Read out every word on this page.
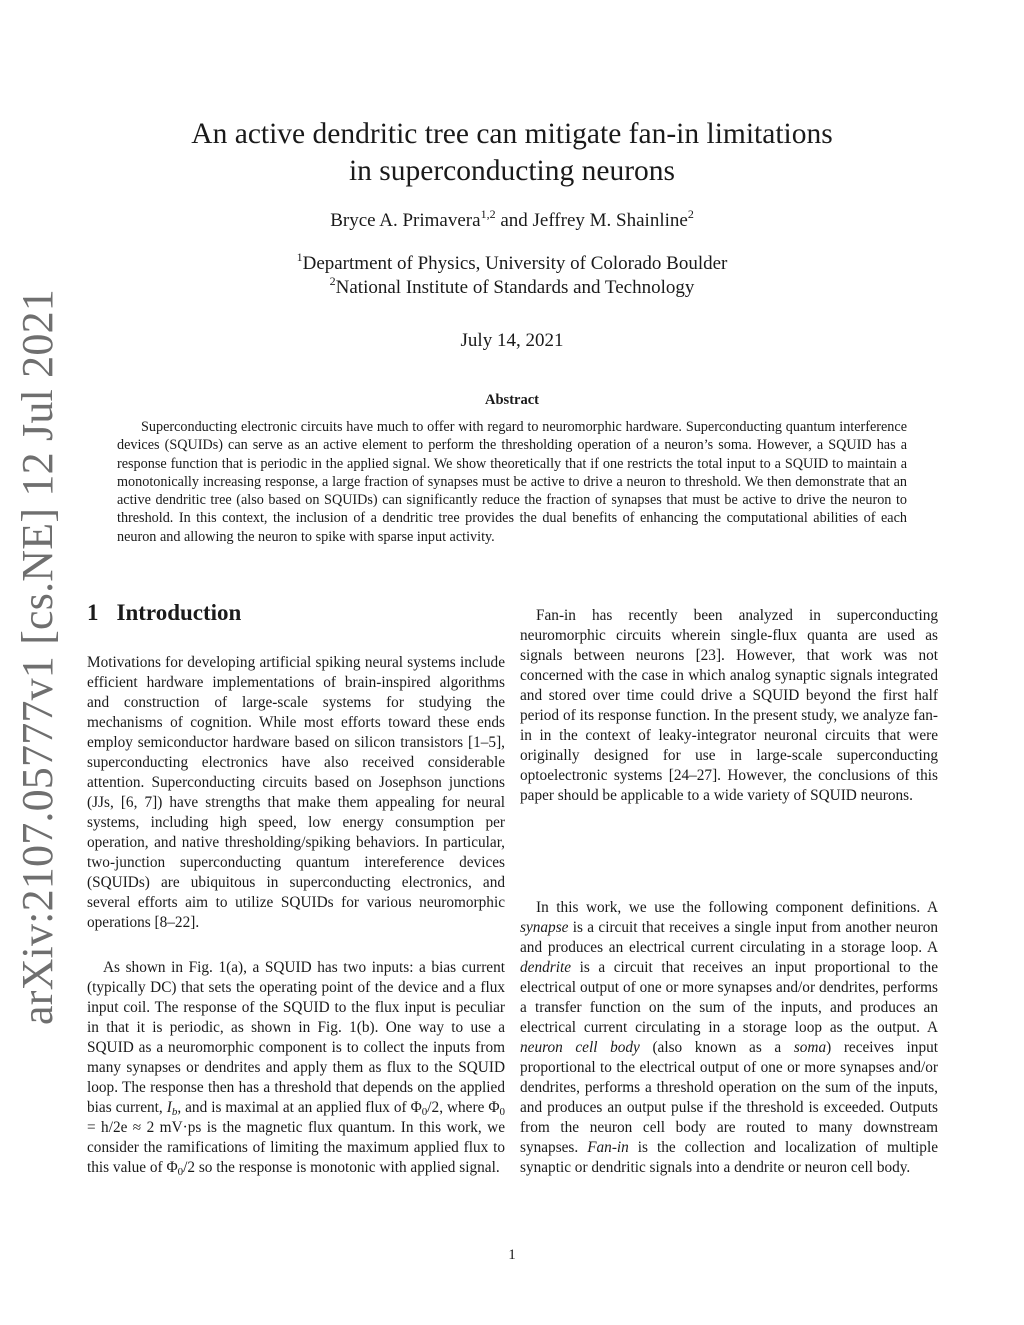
arXiv:2107.05777v1 [cs.NE] 12 Jul 2021
An active dendritic tree can mitigate fan-in limitations
in superconducting neurons
Bryce A. Primavera$^{1,2}$ and Jeffrey M. Shainline$^2$
$^1$Department of Physics, University of Colorado Boulder
$^2$National Institute of Standards and Technology
July 14, 2021
Abstract

Superconducting electronic circuits have much to offer with regard to neuromorphic hardware. Superconducting quantum interference devices (SQUIDs) can serve as an active element to perform the thresholding operation of a neuron’s soma. However, a SQUID has a response function that is periodic in the applied signal. We show theoretically that if one restricts the total input to a SQUID to maintain a monotonically increasing response, a large fraction of synapses must be active to drive a neuron to threshold. We then demonstrate that an active dendritic tree (also based on SQUIDs) can significantly reduce the fraction of synapses that must be active to drive the neuron to threshold. In this context, the inclusion of a dendritic tree provides the dual benefits of enhancing the computational abilities of each neuron and allowing the neuron to spike with sparse input activity.

1 Introduction

Motivations for developing artificial spiking neural systems include efficient hardware implementations of brain-inspired algorithms and construction of large-scale systems for studying the mechanisms of cognition. While most efforts toward these ends employ semiconductor hardware based on silicon transistors [1–5], superconducting electronics have also received considerable attention. Superconducting circuits based on Josephson junctions (JJs, [6, 7]) have strengths that make them appealing for neural systems, including high speed, low energy consumption per operation, and native thresholding/spiking behaviors. In particular, two-junction superconducting quantum intereference devices (SQUIDs) are ubiquitous in superconducting electronics, and several efforts aim to utilize SQUIDs for various neuromorphic operations [8–22].

As shown in Fig. 1(a), a SQUID has two inputs: a bias current (typically DC) that sets the operating point of the device and a flux input coil. The response of the SQUID to the flux input is peculiar in that it is periodic, as shown in Fig. 1(b). One way to use a SQUID as a neuromorphic component is to collect the inputs from many synapses or dendrites and apply them as flux to the SQUID loop. The response then has a threshold that depends on the applied bias current, $I_b$, and is maximal at an applied flux of $\Phi_0/2$, where $\Phi_0 = h/2e \approx 2$ mV·ps is the magnetic flux quantum. In this work, we consider the ramifications of limiting the maximum applied flux to this value of $\Phi_0/2$ so the response is monotonic with applied signal.

Fan-in has recently been analyzed in superconducting neuromorphic circuits wherein single-flux quanta are used as signals between neurons [23]. However, that work was not concerned with the case in which analog synaptic signals integrated and stored over time could drive a SQUID beyond the first half period of its response function. In the present study, we analyze fan-in in the context of leaky-integrator neuronal circuits that were originally designed for use in large-scale superconducting optoelectronic systems [24–27]. However, the conclusions of this paper should be applicable to a wide variety of SQUID neurons.

In this work, we use the following component definitions. A synapse is a circuit that receives a single input from another neuron and produces an electrical current circulating in a storage loop. A dendrite is a circuit that receives an input proportional to the electrical output of one or more synapses and/or dendrites, performs a transfer function on the sum of the inputs, and produces an electrical current circulating in a storage loop as the output. A neuron cell body (also known as a soma) receives input proportional to the electrical output of one or more synapses and/or dendrites, performs a threshold operation on the sum of the inputs, and produces an output pulse if the threshold is exceeded. Outputs from the neuron cell body are routed to many downstream synapses. Fan-in is the collection and localization of multiple synaptic or dendritic signals into a dendrite or neuron cell body.

1
